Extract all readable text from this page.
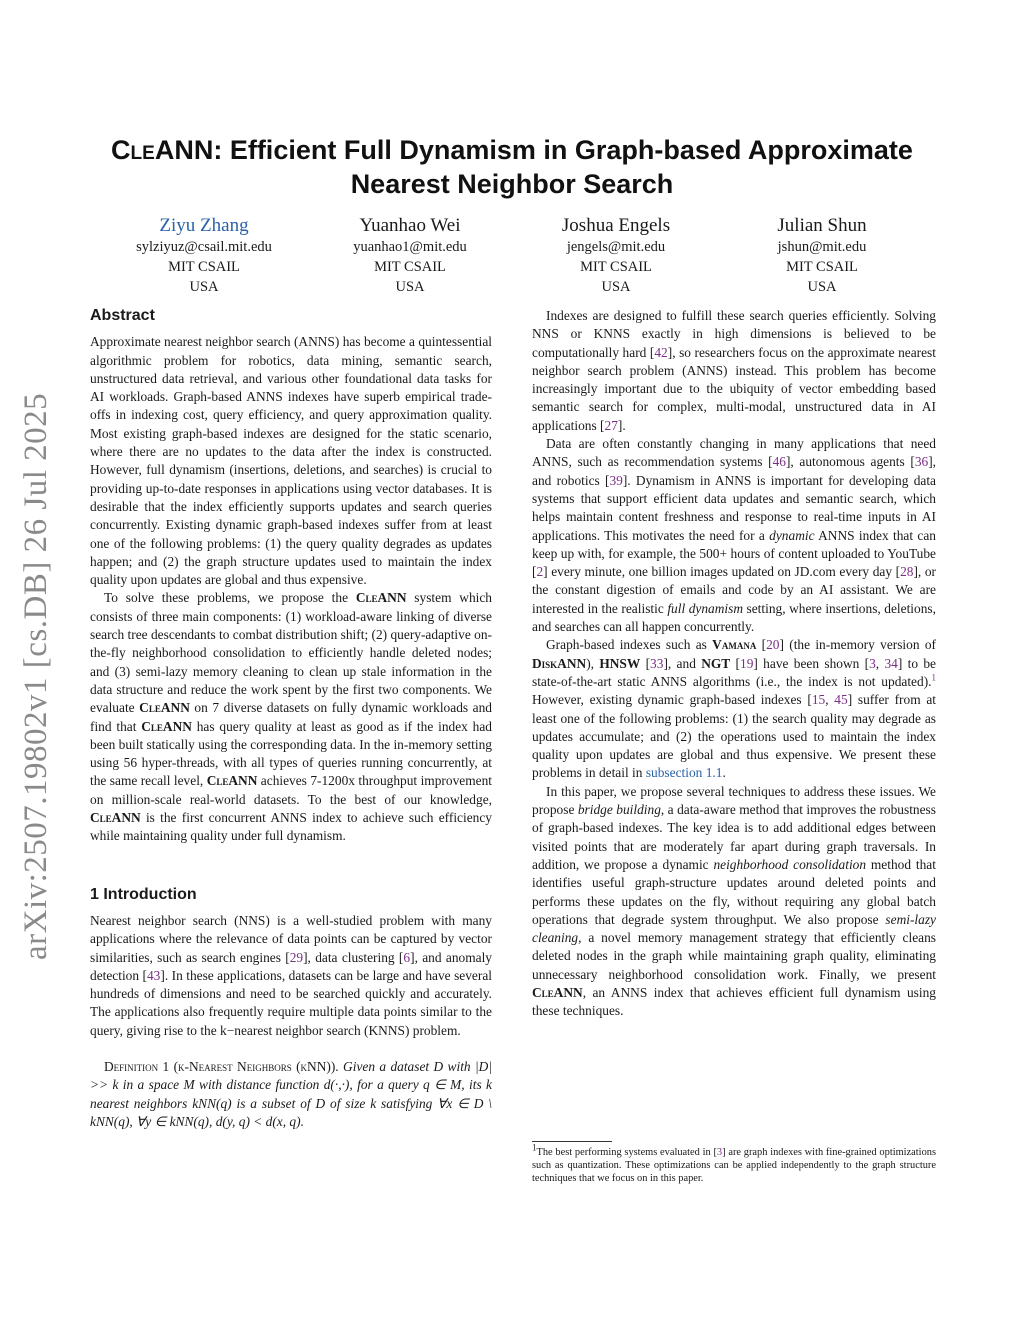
arXiv:2507.19802v1 [cs.DB] 26 Jul 2025
CleANN: Efficient Full Dynamism in Graph-based Approximate
Nearest Neighbor Search
Ziyu Zhang
sylziyuz@csail.mit.edu
MIT CSAIL
USA
Yuanhao Wei
yuanhao1@mit.edu
MIT CSAIL
USA
Joshua Engels
jengels@mit.edu
MIT CSAIL
USA
Julian Shun
jshun@mit.edu
MIT CSAIL
USA
Abstract

Approximate nearest neighbor search (ANNS) has become a quintessential algorithmic problem for robotics, data mining, semantic search, unstructured data retrieval, and various other foundational data tasks for AI workloads. Graph-based ANNS indexes have superb empirical trade-offs in indexing cost, query efficiency, and query approximation quality. Most existing graph-based indexes are designed for the static scenario, where there are no updates to the data after the index is constructed. However, full dynamism (insertions, deletions, and searches) is crucial to providing up-to-date responses in applications using vector databases. It is desirable that the index efficiently supports updates and search queries concurrently. Existing dynamic graph-based indexes suffer from at least one of the following problems: (1) the query quality degrades as updates happen; and (2) the graph structure updates used to maintain the index quality upon updates are global and thus expensive.

To solve these problems, we propose the CleANN system which consists of three main components: (1) workload-aware linking of diverse search tree descendants to combat distribution shift; (2) query-adaptive on-the-fly neighborhood consolidation to efficiently handle deleted nodes; and (3) semi-lazy memory cleaning to clean up stale information in the data structure and reduce the work spent by the first two components. We evaluate CleANN on 7 diverse datasets on fully dynamic workloads and find that CleANN has query quality at least as good as if the index had been built statically using the corresponding data. In the in-memory setting using 56 hyper-threads, with all types of queries running concurrently, at the same recall level, CleANN achieves 7-1200x throughput improvement on million-scale real-world datasets. To the best of our knowledge, CleANN is the first concurrent ANNS index to achieve such efficiency while maintaining quality under full dynamism.

1 Introduction

Nearest neighbor search (NNS) is a well-studied problem with many applications where the relevance of data points can be captured by vector similarities, such as search engines [29], data clustering [6], and anomaly detection [43]. In these applications, datasets can be large and have several hundreds of dimensions and need to be searched quickly and accurately. The applications also frequently require multiple data points similar to the query, giving rise to the k−nearest neighbor search (KNNS) problem.

Definition 1 (k-Nearest Neighbors (kNN)). Given a dataset D with |D| >> k in a space M with distance function d(·,·), for a query q ∈ M, its k nearest neighbors kNN(q) is a subset of D of size k satisfying ∀x ∈ D \ kNN(q), ∀y ∈ kNN(q), d(y, q) < d(x, q).

Indexes are designed to fulfill these search queries efficiently. Solving NNS or KNNS exactly in high dimensions is believed to be computationally hard [42], so researchers focus on the approximate nearest neighbor search problem (ANNS) instead. This problem has become increasingly important due to the ubiquity of vector embedding based semantic search for complex, multi-modal, unstructured data in AI applications [27].

Data are often constantly changing in many applications that need ANNS, such as recommendation systems [46], autonomous agents [36], and robotics [39]. Dynamism in ANNS is important for developing data systems that support efficient data updates and semantic search, which helps maintain content freshness and response to real-time inputs in AI applications. This motivates the need for a dynamic ANNS index that can keep up with, for example, the 500+ hours of content uploaded to YouTube [2] every minute, one billion images updated on JD.com every day [28], or the constant digestion of emails and code by an AI assistant. We are interested in the realistic full dynamism setting, where insertions, deletions, and searches can all happen concurrently.

Graph-based indexes such as Vamana [20] (the in-memory version of DiskANN), HNSW [33], and NGT [19] have been shown [3, 34] to be state-of-the-art static ANNS algorithms (i.e., the index is not updated).$^1$ However, existing dynamic graph-based indexes [15, 45] suffer from at least one of the following problems: (1) the search quality may degrade as updates accumulate; and (2) the operations used to maintain the index quality upon updates are global and thus expensive. We present these problems in detail in subsection 1.1.

In this paper, we propose several techniques to address these issues. We propose bridge building, a data-aware method that improves the robustness of graph-based indexes. The key idea is to add additional edges between visited points that are moderately far apart during graph traversals. In addition, we propose a dynamic neighborhood consolidation method that identifies useful graph-structure updates around deleted points and performs these updates on the fly, without requiring any global batch operations that degrade system throughput. We also propose semi-lazy cleaning, a novel memory management strategy that efficiently cleans deleted nodes in the graph while maintaining graph quality, eliminating unnecessary neighborhood consolidation work. Finally, we present CleANN, an ANNS index that achieves efficient full dynamism using these techniques.

$^1$The best performing systems evaluated in [3] are graph indexes with fine-grained optimizations such as quantization. These optimizations can be applied independently to the graph structure techniques that we focus on in this paper.
